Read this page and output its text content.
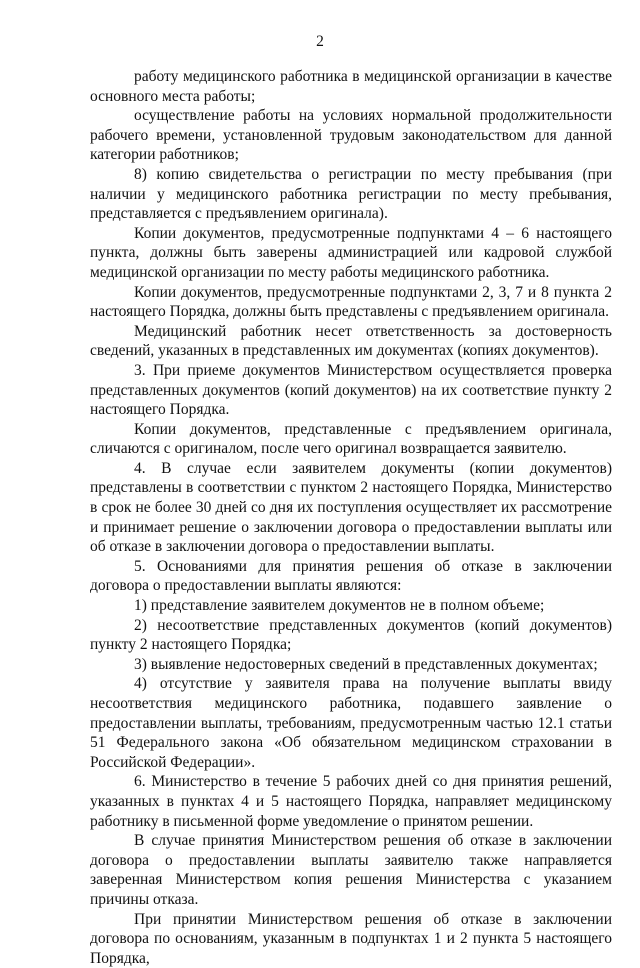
2

работу медицинского работника в медицинской организации в качестве основного места работы;

осуществление работы на условиях нормальной продолжительности рабочего времени, установленной трудовым законодательством для данной категории работников;

8) копию свидетельства о регистрации по месту пребывания (при наличии у медицинского работника регистрации по месту пребывания, представляется с предъявлением оригинала).

Копии документов, предусмотренные подпунктами 4 – 6 настоящего пункта, должны быть заверены администрацией или кадровой службой медицинской организации по месту работы медицинского работника.

Копии документов, предусмотренные подпунктами 2, 3, 7 и 8 пункта 2 настоящего Порядка, должны быть представлены с предъявлением оригинала.

Медицинский работник несет ответственность за достоверность сведений, указанных в представленных им документах (копиях документов).

3. При приеме документов Министерством осуществляется проверка представленных документов (копий документов) на их соответствие пункту 2 настоящего Порядка.

Копии документов, представленные с предъявлением оригинала, сличаются с оригиналом, после чего оригинал возвращается заявителю.

4. В случае если заявителем документы (копии документов) представлены в соответствии с пунктом 2 настоящего Порядка, Министерство в срок не более 30 дней со дня их поступления осуществляет их рассмотрение и принимает решение о заключении договора о предоставлении выплаты или об отказе в заключении договора о предоставлении выплаты.

5. Основаниями для принятия решения об отказе в заключении договора о предоставлении выплаты являются:

1) представление заявителем документов не в полном объеме;

2) несоответствие представленных документов (копий документов) пункту 2 настоящего Порядка;

3) выявление недостоверных сведений в представленных документах;

4) отсутствие у заявителя права на получение выплаты ввиду несоответствия медицинского работника, подавшего заявление о предоставлении выплаты, требованиям, предусмотренным частью 12.1 статьи 51 Федерального закона «Об обязательном медицинском страховании в Российской Федерации».

6. Министерство в течение 5 рабочих дней со дня принятия решений, указанных в пунктах 4 и 5 настоящего Порядка, направляет медицинскому работнику в письменной форме уведомление о принятом решении.

В случае принятия Министерством решения об отказе в заключении договора о предоставлении выплаты заявителю также направляется заверенная Министерством копия решения Министерства с указанием причины отказа.

При принятии Министерством решения об отказе в заключении договора по основаниям, указанным в подпунктах 1 и 2 пункта 5 настоящего Порядка,
